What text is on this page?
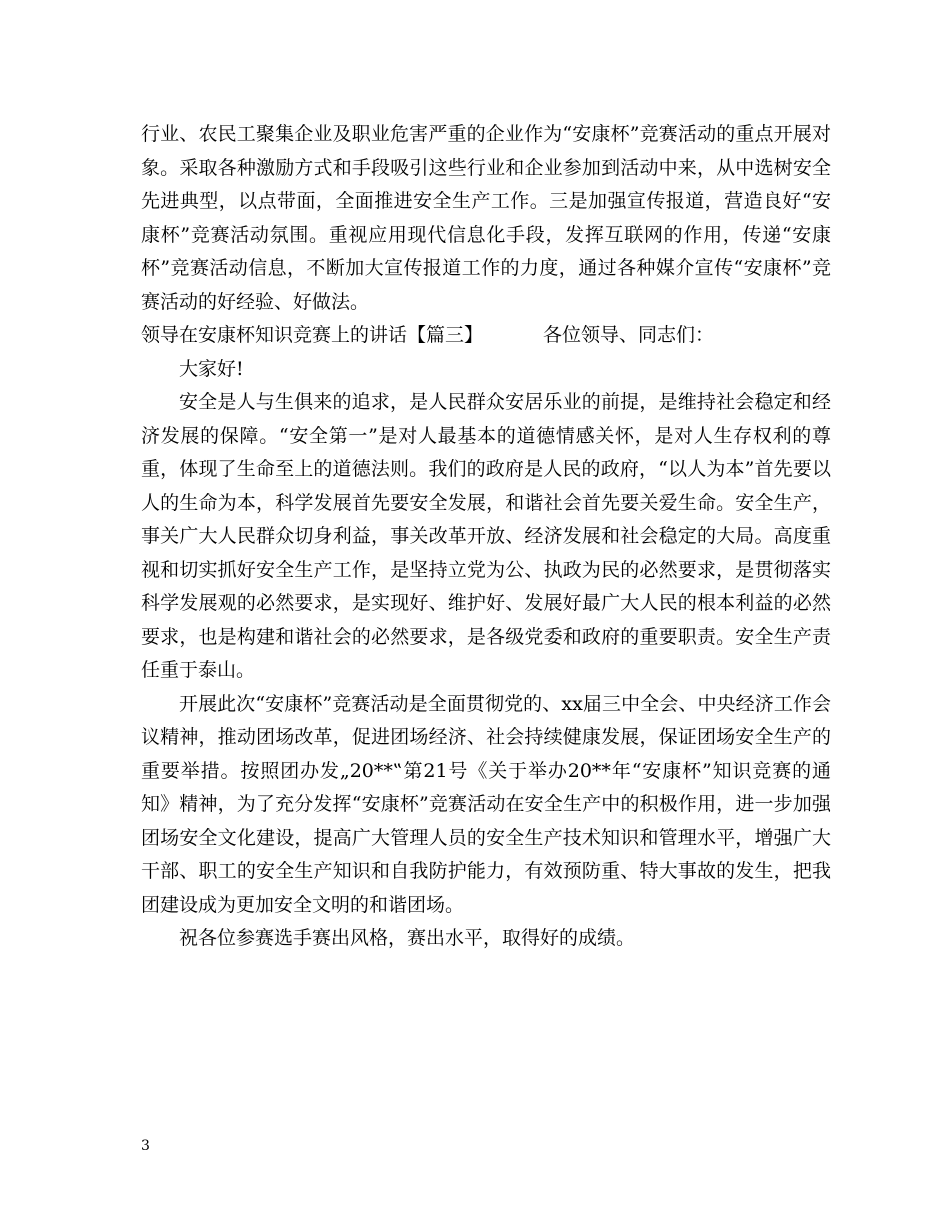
行业、农民工聚集企业及职业危害严重的企业作为“安康杯”竞赛活动的重点开展对象。采取各种激励方式和手段吸引这些行业和企业参加到活动中来，从中选树安全先进典型，以点带面，全面推进安全生产工作。三是加强宣传报道，营造良好“安康杯”竞赛活动氛围。重视应用现代信息化手段，发挥互联网的作用，传递“安康杯”竞赛活动信息，不断加大宣传报道工作的力度，通过各种媒介宣传“安康杯”竞赛活动的好经验、好做法。

领导在安康杯知识竞赛上的讲话【篇三】	各位领导、同志们：

大家好!

安全是人与生俱来的追求，是人民群众安居乐业的前提，是维持社会稳定和经济发展的保障。“安全第一”是对人最基本的道德情感关怀，是对人生存权利的尊重，体现了生命至上的道德法则。我们的政府是人民的政府，“以人为本”首先要以人的生命为本，科学发展首先要安全发展，和谐社会首先要关爱生命。安全生产，事关广大人民群众切身利益，事关改革开放、经济发展和社会稳定的大局。高度重视和切实抓好安全生产工作，是坚持立党为公、执政为民的必然要求，是贯彻落实科学发展观的必然要求，是实现好、维护好、发展好最广大人民的根本利益的必然要求，也是构建和谐社会的必然要求，是各级党委和政府的重要职责。安全生产责任重于泰山。

开展此次“安康杯”竞赛活动是全面贯彻党的、xx届三中全会、中央经济工作会议精神，推动团场改革，促进团场经济、社会持续健康发展，保证团场安全生产的重要举措。按照团办发„20**‟第21号《关于举办20**年“安康杯”知识竞赛的通知》精神，为了充分发挥“安康杯”竞赛活动在安全生产中的积极作用，进一步加强团场安全文化建设，提高广大管理人员的安全生产技术知识和管理水平，增强广大干部、职工的安全生产知识和自我防护能力，有效预防重、特大事故的发生，把我团建设成为更加安全文明的和谐团场。

祝各位参赛选手赛出风格，赛出水平，取得好的成绩。

3
